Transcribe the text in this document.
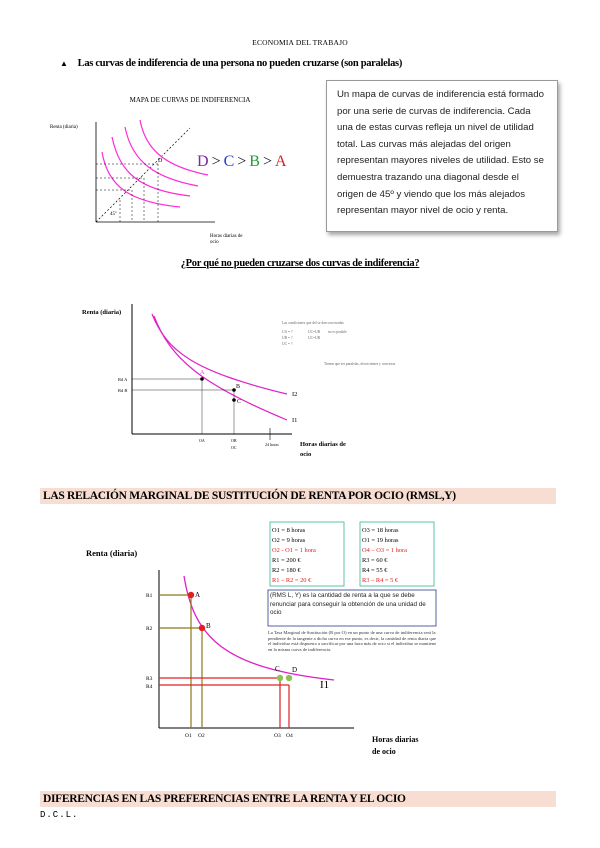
ECONOMIA DEL TRABAJO
▲ Las curvas de indiferencia de una persona no pueden cruzarse (son paralelas)
MAPA DE CURVAS DE INDIFERENCIA
Renta (diaria)
D
45º
Horas diarias de
ocio
D > C > B > A
Un mapa de curvas de indiferencia está formado por una serie de curvas de indiferencia. Cada una de estas curvas refleja un nivel de utilidad total. Las curvas más alejadas del origen representan mayores niveles de utilidad. Esto se demuestra trazando una diagonal desde el origen de 45º y viendo que los más alejados representan mayor nivel de ocio y renta.
¿Por qué no pueden cruzarse dos curvas de indiferencia?
Renta (diaria)
A
B
C
Rd A
Rd B
I2
I1
OA	OB
OC
24 horas	Horas diarias de
ocio
Las condiciones que del se dan son erradas
UA = ?	UC=UB no es posible
UB = ?	UC=UB
UC = ?
Tienen que ser paralelas, decrecientes y convexas
LAS RELACIÓN MARGINAL DE SUSTITUCIÓN DE RENTA POR OCIO (RMSL,Y)
Renta (diaria)
A
B
C D
R1
R2
R3
R4
O1 O2	O3 O4
I1
Horas diarias
de ocio
O1 = 8 horas
O2 = 9 horas
O2 - O1 = 1 hora
R1 = 200 €
R2 = 180 €
R1 – R2 = 20 €
O3 = 18 horas
O1 = 19 horas
O4 – O3 = 1 hora
R3 = 60 €
R4 = 55 €
R3 – R4 = 5 €
(RMS L, Y) es la cantidad de renta a la que se debe renunciar para conseguir la obtención de una unidad de ocio
La Tasa Marginal de Sustitución (R por O) en un punto de una curva de indiferencia será la pendiente de la tangente a dicha curva en ese punto, es decir, la cantidad de renta diaria que el individuo está dispuesto a sacrificar por una hora más de ocio si el individuo se mantiene en la misma curva de indiferencia.
D.C.L.
DIFERENCIAS EN LAS PREFERENCIAS ENTRE LA RENTA Y EL OCIO
